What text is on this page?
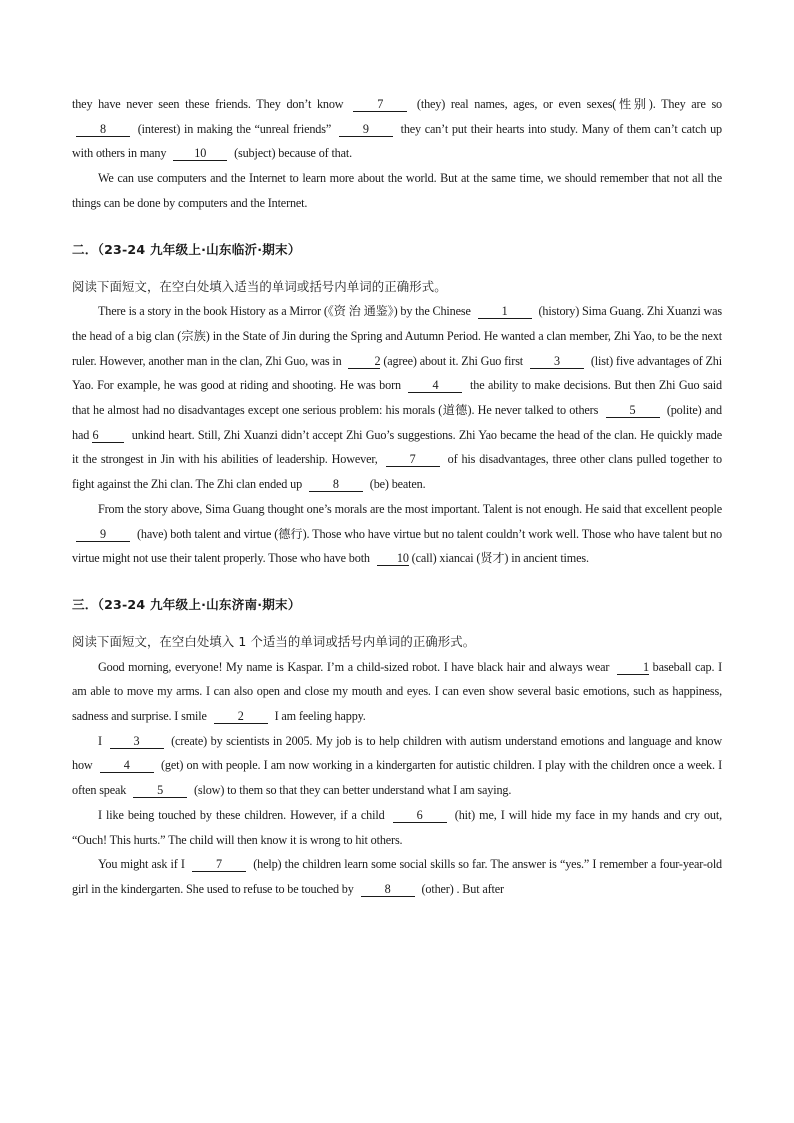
they have never seen these friends. They don’t know 7 (they) real names, ages, or even sexes(性别). They are so 8 (interest) in making the “unreal friends” 9 they can’t put their hearts into study. Many of them can’t catch up with others in many 10 (subject) because of that.

We can use computers and the Internet to learn more about the world. But at the same time, we should remember that not all the things can be done by computers and the Internet.

二．（23-24 九年级上·山东临沂·期末）

阅读下面短文，在空白处填入适当的单词或括号内单词的正确形式。

There is a story in the book History as a Mirror (《资 治 通鉴》) by the Chinese 1 (history) Sima Guang. Zhi Xuanzi was the head of a big clan (宗族) in the State of Jin during the Spring and Autumn Period. He wanted a clan member, Zhi Yao, to be the next ruler. However, another man in the clan, Zhi Guo, was in 2 (agree) about it. Zhi Guo first 3 (list) five advantages of Zhi Yao. For example, he was good at riding and shooting. He was born 4 the ability to make decisions. But then Zhi Guo said that he almost had no disadvantages except one serious problem: his morals (道德). He never talked to others 5 (polite) and had 6 unkind heart. Still, Zhi Xuanzi didn’t accept Zhi Guo’s suggestions. Zhi Yao became the head of the clan. He quickly made it the strongest in Jin with his abilities of leadership. However, 7 of his disadvantages, three other clans pulled together to fight against the Zhi clan. The Zhi clan ended up 8 (be) beaten.

From the story above, Sima Guang thought one’s morals are the most important. Talent is not enough. He said that excellent people 9 (have) both talent and virtue (德行). Those who have virtue but no talent couldn’t work well. Those who have talent but no virtue might not use their talent properly. Those who have both 10 (call) xiancai (贤才) in ancient times.

三．（23-24 九年级上·山东济南·期末）

阅读下面短文，在空白处填入 1 个适当的单词或括号内单词的正确形式。

Good morning, everyone! My name is Kaspar. I’m a child-sized robot. I have black hair and always wear 1 baseball cap. I am able to move my arms. I can also open and close my mouth and eyes. I can even show several basic emotions, such as happiness, sadness and surprise. I smile 2 I am feeling happy.

I 3 (create) by scientists in 2005. My job is to help children with autism understand emotions and language and know how 4 (get) on with people. I am now working in a kindergarten for autistic children. I play with the children once a week. I often speak 5 (slow) to them so that they can better understand what I am saying.

I like being touched by these children. However, if a child 6 (hit) me, I will hide my face in my hands and cry out, “Ouch! This hurts.” The child will then know it is wrong to hit others.

You might ask if I 7 (help) the children learn some social skills so far. The answer is “yes.” I remember a four-year-old girl in the kindergarten. She used to refuse to be touched by 8 (other) . But after
